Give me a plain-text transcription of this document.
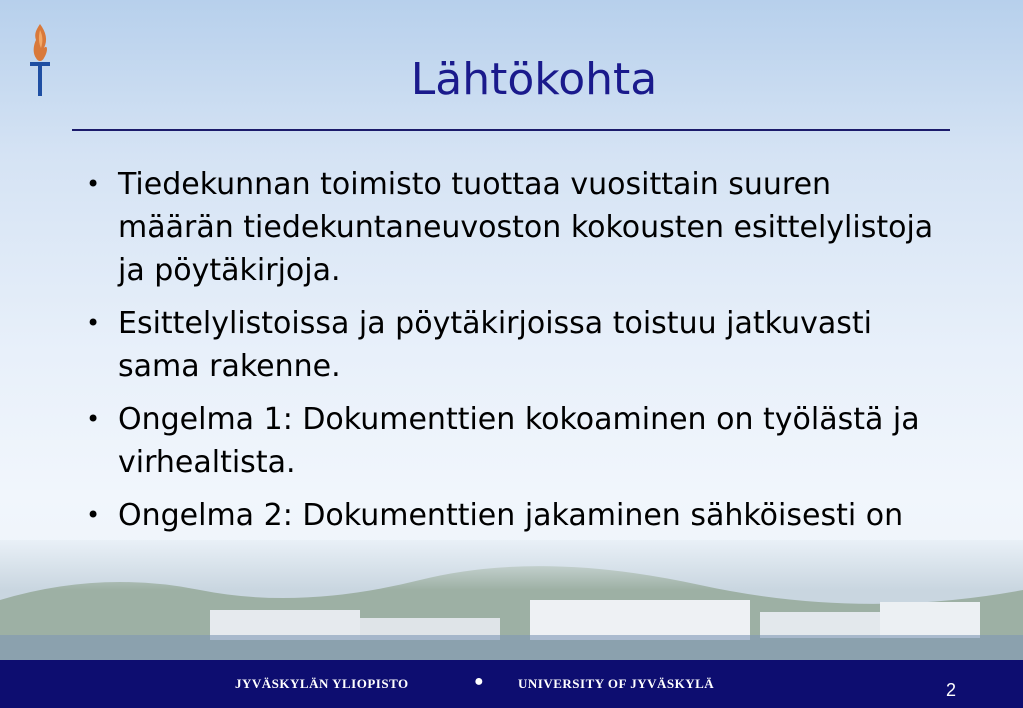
Lähtökohta
• Tiedekunnan toimisto tuottaa vuosittain suuren määrän tiedekuntaneuvoston kokousten esittelylistoja ja pöytäkirjoja.
• Esittelylistoissa ja pöytäkirjoissa toistuu jatkuvasti sama rakenne.
• Ongelma 1: Dokumenttien kokoaminen on työlästä ja virhealtista.
• Ongelma 2: Dokumenttien jakaminen sähköisesti on
JYVÄSKYLÄN YLIOPISTO	●	UNIVERSITY OF JYVÄSKYLÄ	2
